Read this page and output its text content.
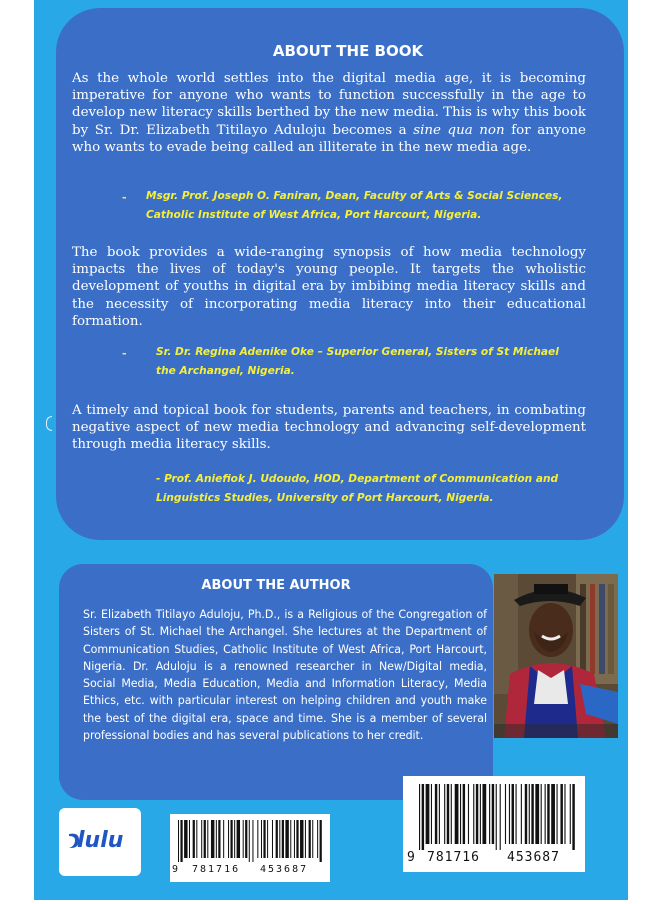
ABOUT THE BOOK
As the whole world settles into the digital media age, it is becoming imperative for anyone who wants to function successfully in the age to develop new literacy skills berthed by the new media. This is why this book by Sr. Dr. Elizabeth Titilayo Aduloju becomes a sine qua non for anyone who wants to evade being called an illiterate in the new media age.
- Msgr. Prof. Joseph O. Faniran, Dean, Faculty of Arts & Social Sciences,
Catholic Institute of West Africa, Port Harcourt, Nigeria.
The book provides a wide-ranging synopsis of how media technology impacts the lives of today's young people. It targets the wholistic development of youths in digital era by imbibing media literacy skills and the necessity of incorporating media literacy into their educational formation.
-	Sr. Dr. Regina Adenike Oke – Superior General, Sisters of St Michael
the Archangel, Nigeria.
A timely and topical book for students, parents and teachers, in combating negative aspect of new media technology and advancing self-development through media literacy skills.
- Prof. Aniefiok J. Udoudo, HOD, Department of Communication and
Linguistics Studies, University of Port Harcourt, Nigeria.
ABOUT THE AUTHOR
Sr. Elizabeth Titilayo Aduloju, Ph.D., is a Religious of the Congregation of Sisters of St. Michael the Archangel. She lectures at the Department of Communication Studies, Catholic Institute of West Africa, Port Harcourt, Nigeria. Dr. Aduloju is a renowned researcher in New/Digital media, Social Media, Media Education, Media and Information Literacy, Media Ethics, etc. with particular interest on helping children and youth make the best of the digital era, space and time. She is a member of several professional bodies and has several publications to her credit.
lulu
9 781716 453687
9 781716 453687
